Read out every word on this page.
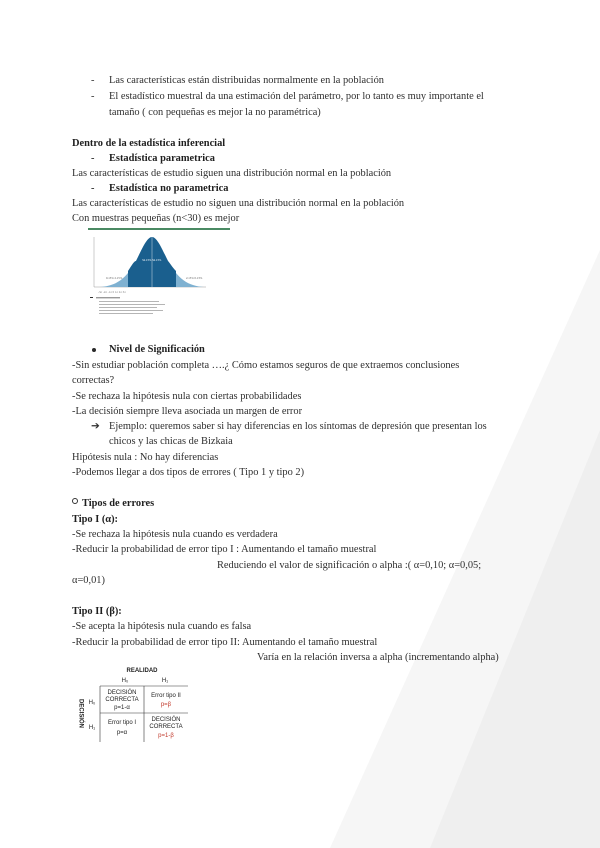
- Las características están distribuidas normalmente en la población
- El estadístico muestral da una estimación del parámetro, por lo tanto es muy importante el
tamaño ( con pequeñas es mejor la no paramétrica)
Dentro de la estadística inferencial
- Estadística parametrica
Las características de estudio siguen una distribución normal en la población
- Estadística no parametrica
Las características de estudio no siguen una distribución normal en la población
Con muestras pequeñas (n<30) es mejor
0.13% 2.15%	2.15% 0.13%
34.13% 34.13%
-3σ -2σ -1σ 0 1σ 2σ 3σ
Nivel de Significación
-Sin estudiar población completa ….¿ Cómo estamos seguros de que extraemos conclusiones
correctas?
-Se rechaza la hipótesis nula con ciertas probabilidades
-La decisión siempre lleva asociada un margen de error
➔ Ejemplo: queremos saber si hay diferencias en los síntomas de depresión que presentan los
chicos y las chicas de Bizkaia
Hipótesis nula : No hay diferencias
-Podemos llegar a dos tipos de errores ( Tipo 1 y tipo 2)
Tipos de errores
Tipo I (α):
-Se rechaza la hipótesis nula cuando es verdadera
-Reducir la probabilidad de error tipo I : Aumentando el tamaño muestral
Reduciendo el valor de significación o alpha :( α=0,10; α=0,05;
α=0,01)
Tipo II (β):
-Se acepta la hipótesis nula cuando es falsa
-Reducir la probabilidad de error tipo II: Aumentando el tamaño muestral
Varía en la relación inversa a alpha (incrementando alpha)
REALIDAD
H₀	H₁
DECISIÓN H₀
H₁
DECISIÓN
CORRECTA
p=1-α
Error tipo II
p=β
Error tipo I
p=α
DECISIÓN
CORRECTA
p=1-β
